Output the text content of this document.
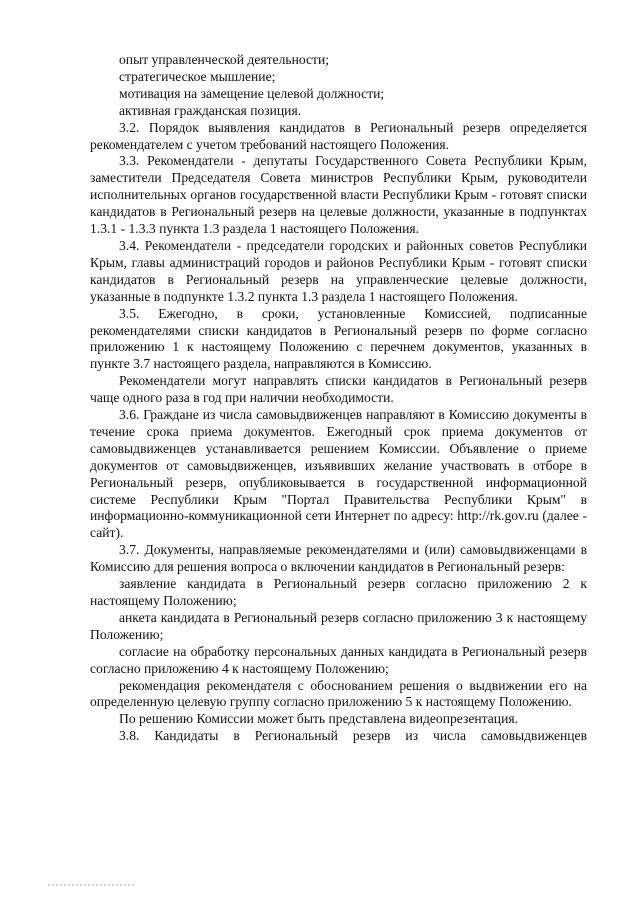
опыт управленческой деятельности;

стратегическое мышление;

мотивация на замещение целевой должности;

активная гражданская позиция.

3.2. Порядок выявления кандидатов в Региональный резерв определяется рекомендателем с учетом требований настоящего Положения.

3.3. Рекомендатели - депутаты Государственного Совета Республики Крым, заместители Председателя Совета министров Республики Крым, руководители исполнительных органов государственной власти Республики Крым - готовят списки кандидатов в Региональный резерв на целевые должности, указанные в подпунктах 1.3.1 - 1.3.3 пункта 1.3 раздела 1 настоящего Положения.

3.4. Рекомендатели - председатели городских и районных советов Республики Крым, главы администраций городов и районов Республики Крым - готовят списки кандидатов в Региональный резерв на управленческие целевые должности, указанные в подпункте 1.3.2 пункта 1.3 раздела 1 настоящего Положения.

3.5. Ежегодно, в сроки, установленные Комиссией, подписанные рекомендателями списки кандидатов в Региональный резерв по форме согласно приложению 1 к настоящему Положению с перечнем документов, указанных в пункте 3.7 настоящего раздела, направляются в Комиссию.

Рекомендатели могут направлять списки кандидатов в Региональный резерв чаще одного раза в год при наличии необходимости.

3.6. Граждане из числа самовыдвиженцев направляют в Комиссию документы в течение срока приема документов. Ежегодный срок приема документов от самовыдвиженцев устанавливается решением Комиссии. Объявление о приеме документов от самовыдвиженцев, изъявивших желание участвовать в отборе в Региональный резерв, опубликовывается в государственной информационной системе Республики Крым "Портал Правительства Республики Крым" в информационно-коммуникационной сети Интернет по адресу: http://rk.gov.ru (далее - сайт).

3.7. Документы, направляемые рекомендателями и (или) самовыдвиженцами в Комиссию для решения вопроса о включении кандидатов в Региональный резерв:

заявление кандидата в Региональный резерв согласно приложению 2 к настоящему Положению;

анкета кандидата в Региональный резерв согласно приложению 3 к настоящему Положению;

согласие на обработку персональных данных кандидата в Региональный резерв согласно приложению 4 к настоящему Положению;

рекомендация рекомендателя с обоснованием решения о выдвижении его на определенную целевую группу согласно приложению 5 к настоящему Положению.

По решению Комиссии может быть представлена видеопрезентация.

3.8. Кандидаты в Региональный резерв из числа самовыдвиженцев
